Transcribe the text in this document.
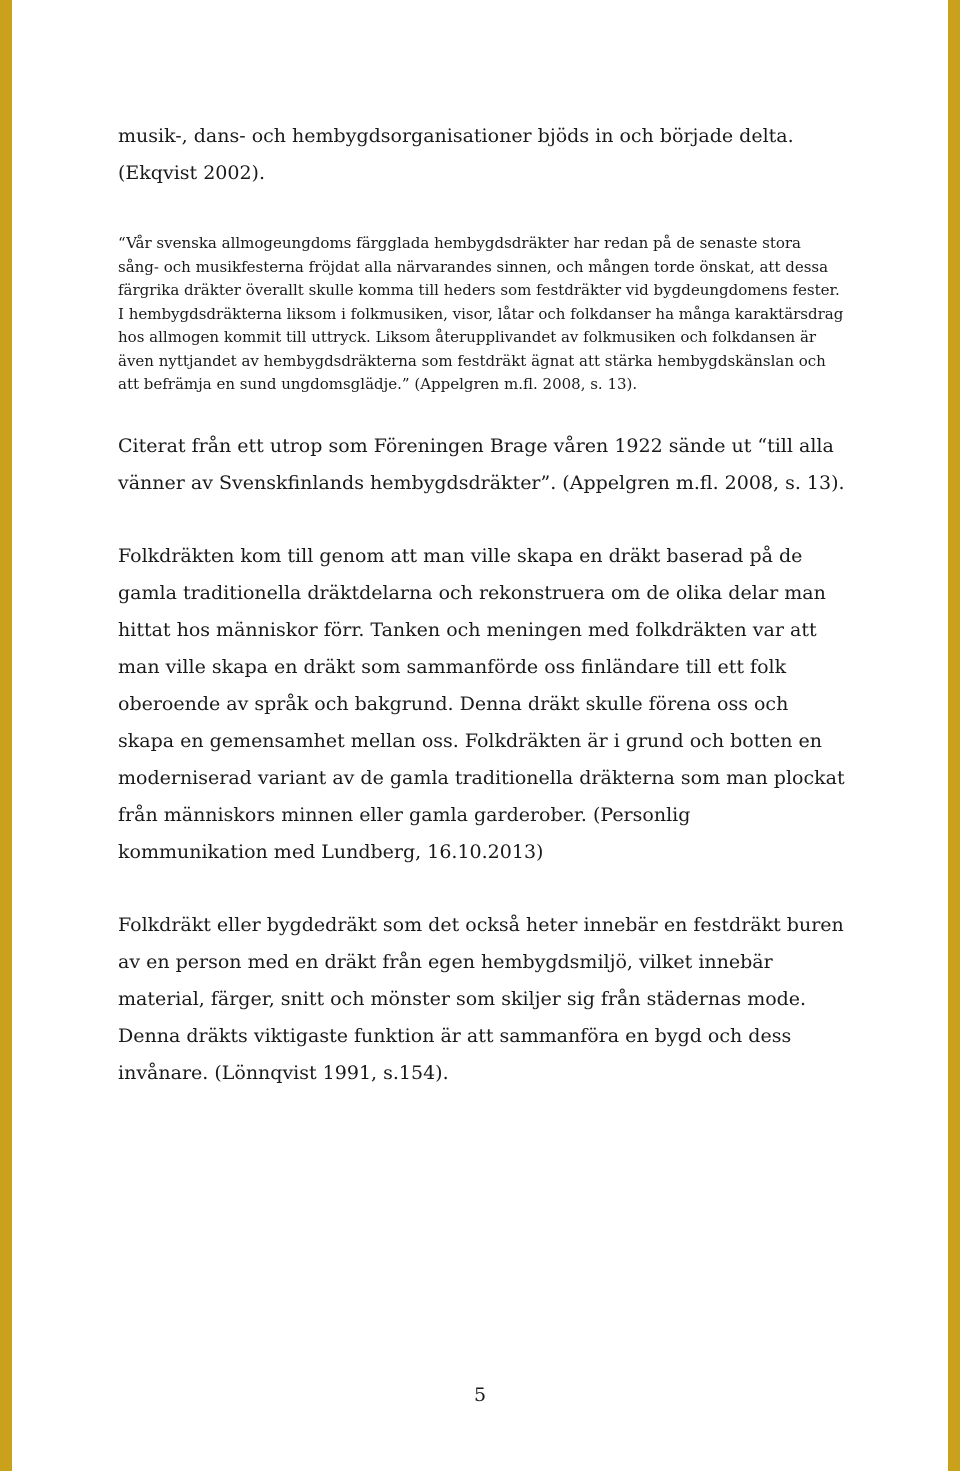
musik-, dans- och hembygdsorganisationer bjöds in och började delta. (Ekqvist 2002).

“Vår svenska allmogeungdoms färgglada hembygdsdräkter har redan på de senaste stora sång- och musikfesterna fröjdat alla närvarandes sinnen, och mången torde önskat, att dessa färgrika dräkter överallt skulle komma till heders som festdräkter vid bygdeungdomens fester. I hembygdsdräkterna liksom i folkmusiken, visor, låtar och folkdanser ha många karaktärsdrag hos allmogen kommit till uttryck. Liksom återupplivandet av folkmusiken och folkdansen är även nyttjandet av hembygdsdräkterna som festdräkt ägnat att stärka hembygdskänslan och att befrämja en sund ungdomsglädje.” (Appelgren m.fl. 2008, s. 13).

Citerat från ett utrop som Föreningen Brage våren 1922 sände ut “till alla vänner av Svenskfinlands hembygdsdräkter”. (Appelgren m.fl. 2008, s. 13).

Folkdräkten kom till genom att man ville skapa en dräkt baserad på de gamla traditionella dräktdelarna och rekonstruera om de olika delar man hittat hos människor förr. Tanken och meningen med folkdräkten var att man ville skapa en dräkt som sammanförde oss finländare till ett folk oberoende av språk och bakgrund. Denna dräkt skulle förena oss och skapa en gemensamhet mellan oss. Folkdräkten är i grund och botten en moderniserad variant av de gamla traditionella dräkterna som man plockat från människors minnen eller gamla garderober. (Personlig kommunikation med Lundberg, 16.10.2013)

Folkdräkt eller bygdedräkt som det också heter innebär en festdräkt buren av en person med en dräkt från egen hembygdsmiljö, vilket innebär material, färger, snitt och mönster som skiljer sig från städernas mode. Denna dräkts viktigaste funktion är att sammanföra en bygd och dess invånare. (Lönnqvist 1991, s.154).

5
